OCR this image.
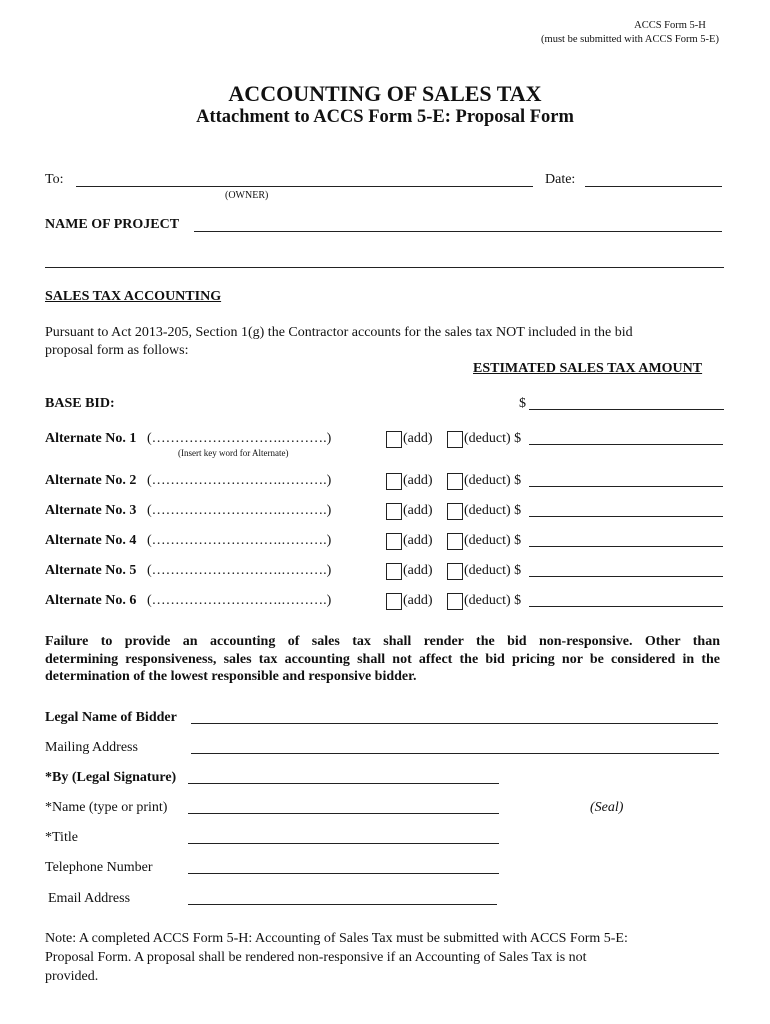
ACCS Form 5-H
(must be submitted with ACCS Form 5-E)
ACCOUNTING OF SALES TAX
Attachment to ACCS Form 5-E: Proposal Form
To:
(OWNER)
Date:
NAME OF PROJECT
SALES TAX ACCOUNTING
Pursuant to Act 2013-205, Section 1(g) the Contractor accounts for the sales tax NOT included in the bid
proposal form as follows:
ESTIMATED SALES TAX AMOUNT
BASE BID:	$
Alternate No. 1 (……………………….……….)	(add) (deduct) $
(Insert key word for Alternate)
Alternate No. 2 (……………………….……….)	(add) (deduct) $
Alternate No. 3 (……………………….……….)	(add) (deduct) $
Alternate No. 4 (……………………….……….)	(add) (deduct) $
Alternate No. 5 (……………………….……….)	(add) (deduct) $
Alternate No. 6 (……………………….……….)	(add) (deduct) $
Failure to provide an accounting of sales tax shall render the bid non-responsive. Other than
determining responsiveness, sales tax accounting shall not affect the bid pricing nor be considered in the
determination of the lowest responsible and responsive bidder.
Legal Name of Bidder
Mailing Address
*By (Legal Signature)
*Name (type or print)	(Seal)
*Title
Telephone Number
Email Address
Note: A completed ACCS Form 5-H: Accounting of Sales Tax must be submitted with ACCS Form 5-E:
Proposal Form. A proposal shall be rendered non-responsive if an Accounting of Sales Tax is not
provided.
